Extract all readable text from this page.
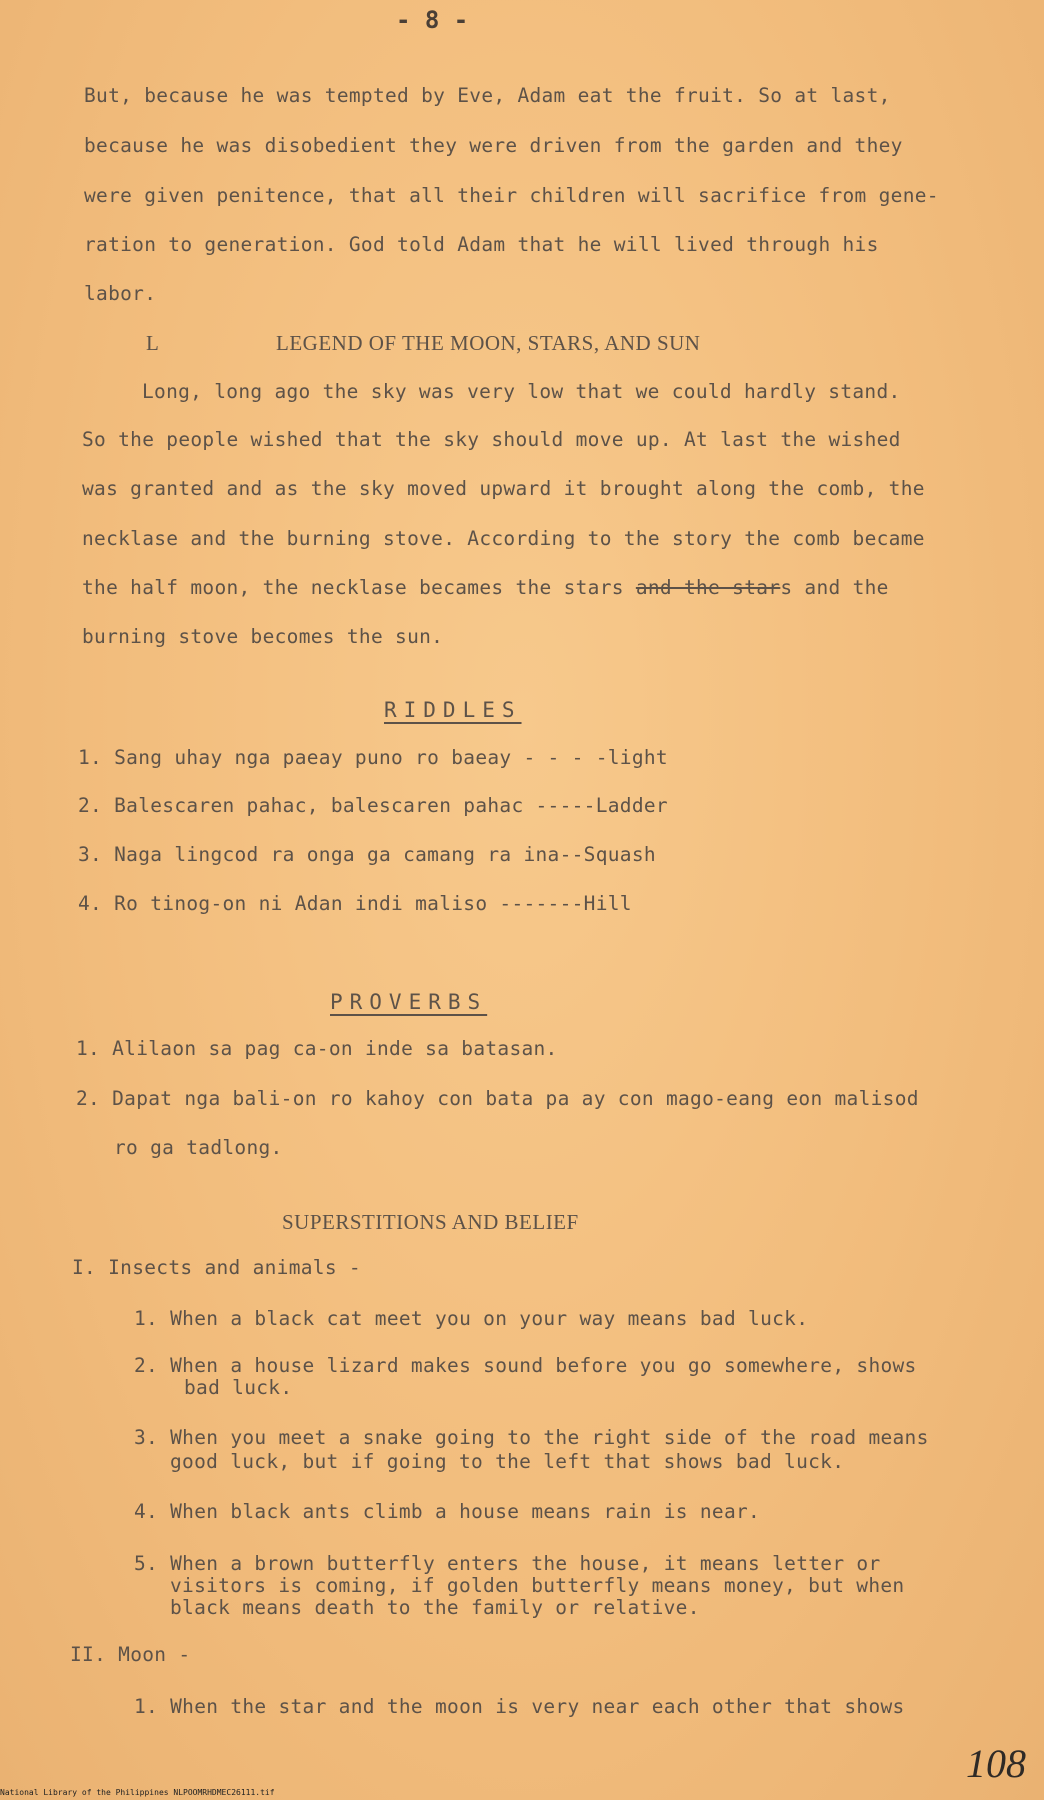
- 8 -
But, because he was tempted by Eve, Adam eat the fruit. So at last,
because he was disobedient they were driven from the garden and they
were given penitence, that all their children will sacrifice from gene-
ration to generation. God told Adam that he will lived through his
labor.
L	LEGEND OF THE MOON, STARS, AND SUN
Long, long ago the sky was very low that we could hardly stand.
So the people wished that the sky should move up. At last the wished
was granted and as the sky moved upward it brought along the comb, the
necklase and the burning stove. According to the story the comb became
the half moon, the necklase becames the stars and the stars and the
burning stove becomes the sun.
RIDDLES
1. Sang uhay nga paeay puno ro baeay - - - -light
2. Balescaren pahac, balescaren pahac -----Ladder
3. Naga lingcod ra onga ga camang ra ina--Squash
4. Ro tinog-on ni Adan indi maliso -------Hill
PROVERBS
1. Alilaon sa pag ca-on inde sa batasan.
2. Dapat nga bali-on ro kahoy con bata pa ay con mago-eang eon malisod
ro ga tadlong.
SUPERSTITIONS AND BELIEF
I. Insects and animals -
1. When a black cat meet you on your way means bad luck.
2. When a house lizard makes sound before you go somewhere, shows
bad luck.
3. When you meet a snake going to the right side of the road means
good luck, but if going to the left that shows bad luck.
4. When black ants climb a house means rain is near.
5. When a brown butterfly enters the house, it means letter or
visitors is coming, if golden butterfly means money, but when
black means death to the family or relative.
II. Moon -
1. When the star and the moon is very near each other that shows
National Library of the Philippines NLPOOMRHDMEC26111.tif
108
